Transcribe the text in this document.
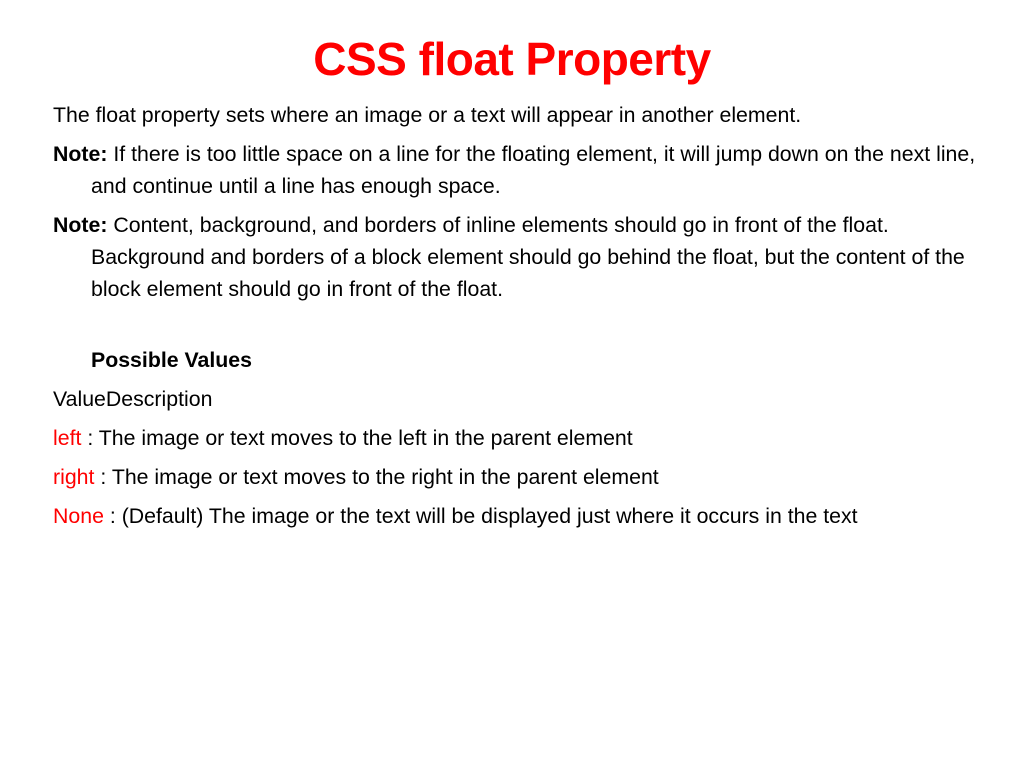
CSS float Property

The float property sets where an image or a text will appear in another element.

Note: If there is too little space on a line for the floating element, it will jump down on the next line, and continue until a line has enough space.

Note: Content, background, and borders of inline elements should go in front of the float. Background and borders of a block element should go behind the float, but the content of the block element should go in front of the float.

Possible Values

ValueDescription

left : The image or text moves to the left in the parent element

right : The image or text moves to the right in the parent element

None : (Default) The image or the text will be displayed just where it occurs in the text
